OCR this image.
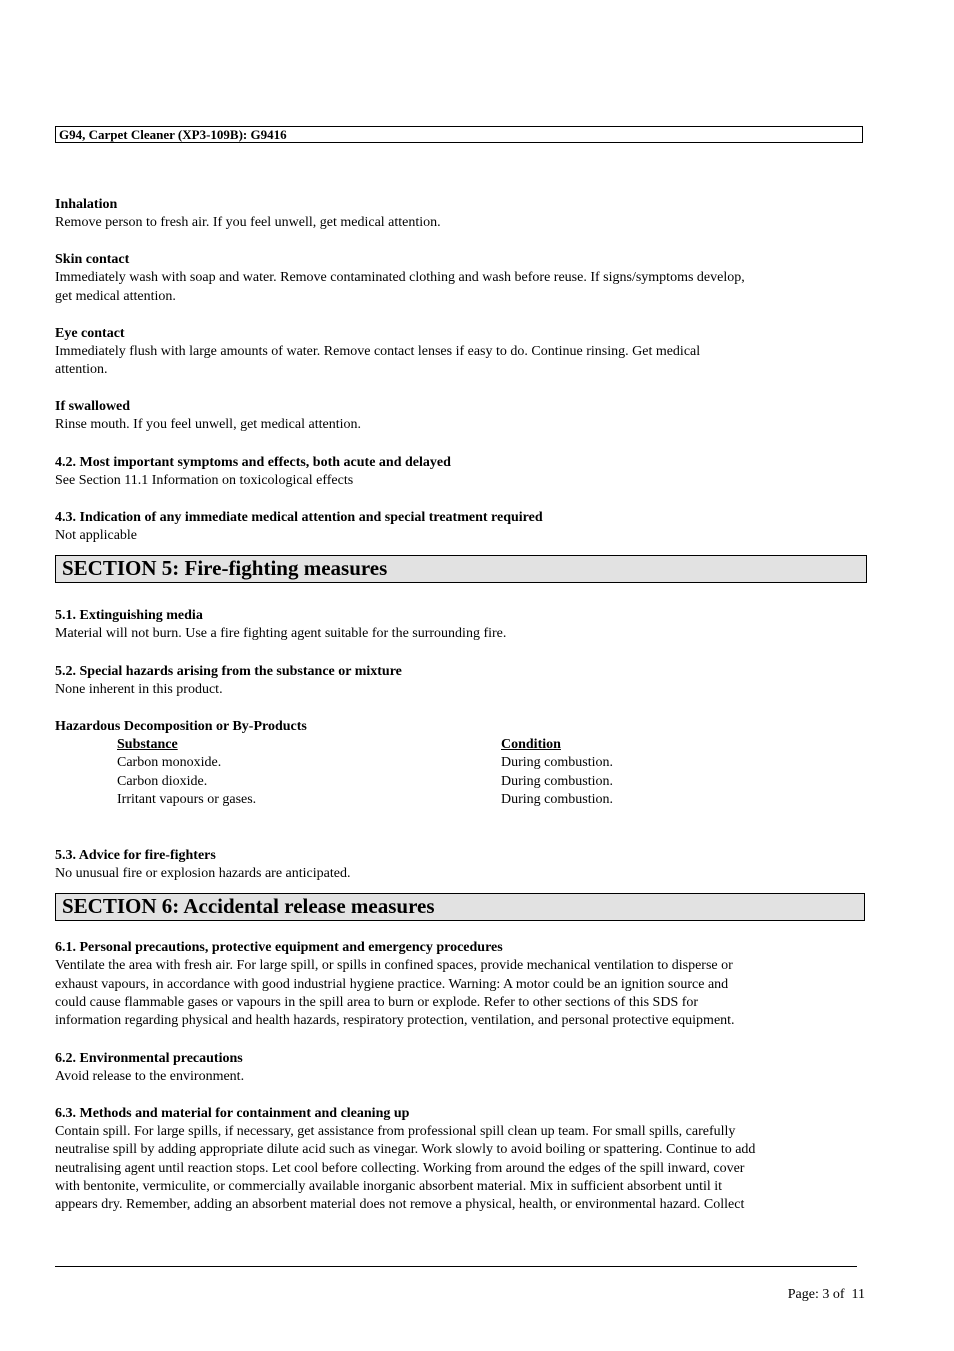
G94, Carpet Cleaner (XP3-109B): G9416
Inhalation
Remove person to fresh air. If you feel unwell, get medical attention.
Skin contact
Immediately wash with soap and water. Remove contaminated clothing and wash before reuse. If signs/symptoms develop,
get medical attention.
Eye contact
Immediately flush with large amounts of water. Remove contact lenses if easy to do. Continue rinsing. Get medical
attention.
If swallowed
Rinse mouth. If you feel unwell, get medical attention.
4.2. Most important symptoms and effects, both acute and delayed
See Section 11.1 Information on toxicological effects
4.3. Indication of any immediate medical attention and special treatment required
Not applicable
SECTION 5: Fire-fighting measures
5.1. Extinguishing media
Material will not burn. Use a fire fighting agent suitable for the surrounding fire.
5.2. Special hazards arising from the substance or mixture
None inherent in this product.
Hazardous Decomposition or By-Products
Substance	Condition
Carbon monoxide.	During combustion.
Carbon dioxide.	During combustion.
Irritant vapours or gases.	During combustion.
5.3. Advice for fire-fighters
No unusual fire or explosion hazards are anticipated.
SECTION 6: Accidental release measures
6.1. Personal precautions, protective equipment and emergency procedures
Ventilate the area with fresh air. For large spill, or spills in confined spaces, provide mechanical ventilation to disperse or
exhaust vapours, in accordance with good industrial hygiene practice. Warning: A motor could be an ignition source and
could cause flammable gases or vapours in the spill area to burn or explode. Refer to other sections of this SDS for
information regarding physical and health hazards, respiratory protection, ventilation, and personal protective equipment.
6.2. Environmental precautions
Avoid release to the environment.
6.3. Methods and material for containment and cleaning up
Contain spill. For large spills, if necessary, get assistance from professional spill clean up team. For small spills, carefully
neutralise spill by adding appropriate dilute acid such as vinegar. Work slowly to avoid boiling or spattering. Continue to add
neutralising agent until reaction stops. Let cool before collecting. Working from around the edges of the spill inward, cover
with bentonite, vermiculite, or commercially available inorganic absorbent material. Mix in sufficient absorbent until it
appears dry. Remember, adding an absorbent material does not remove a physical, health, or environmental hazard. Collect
Page: 3 of  11
